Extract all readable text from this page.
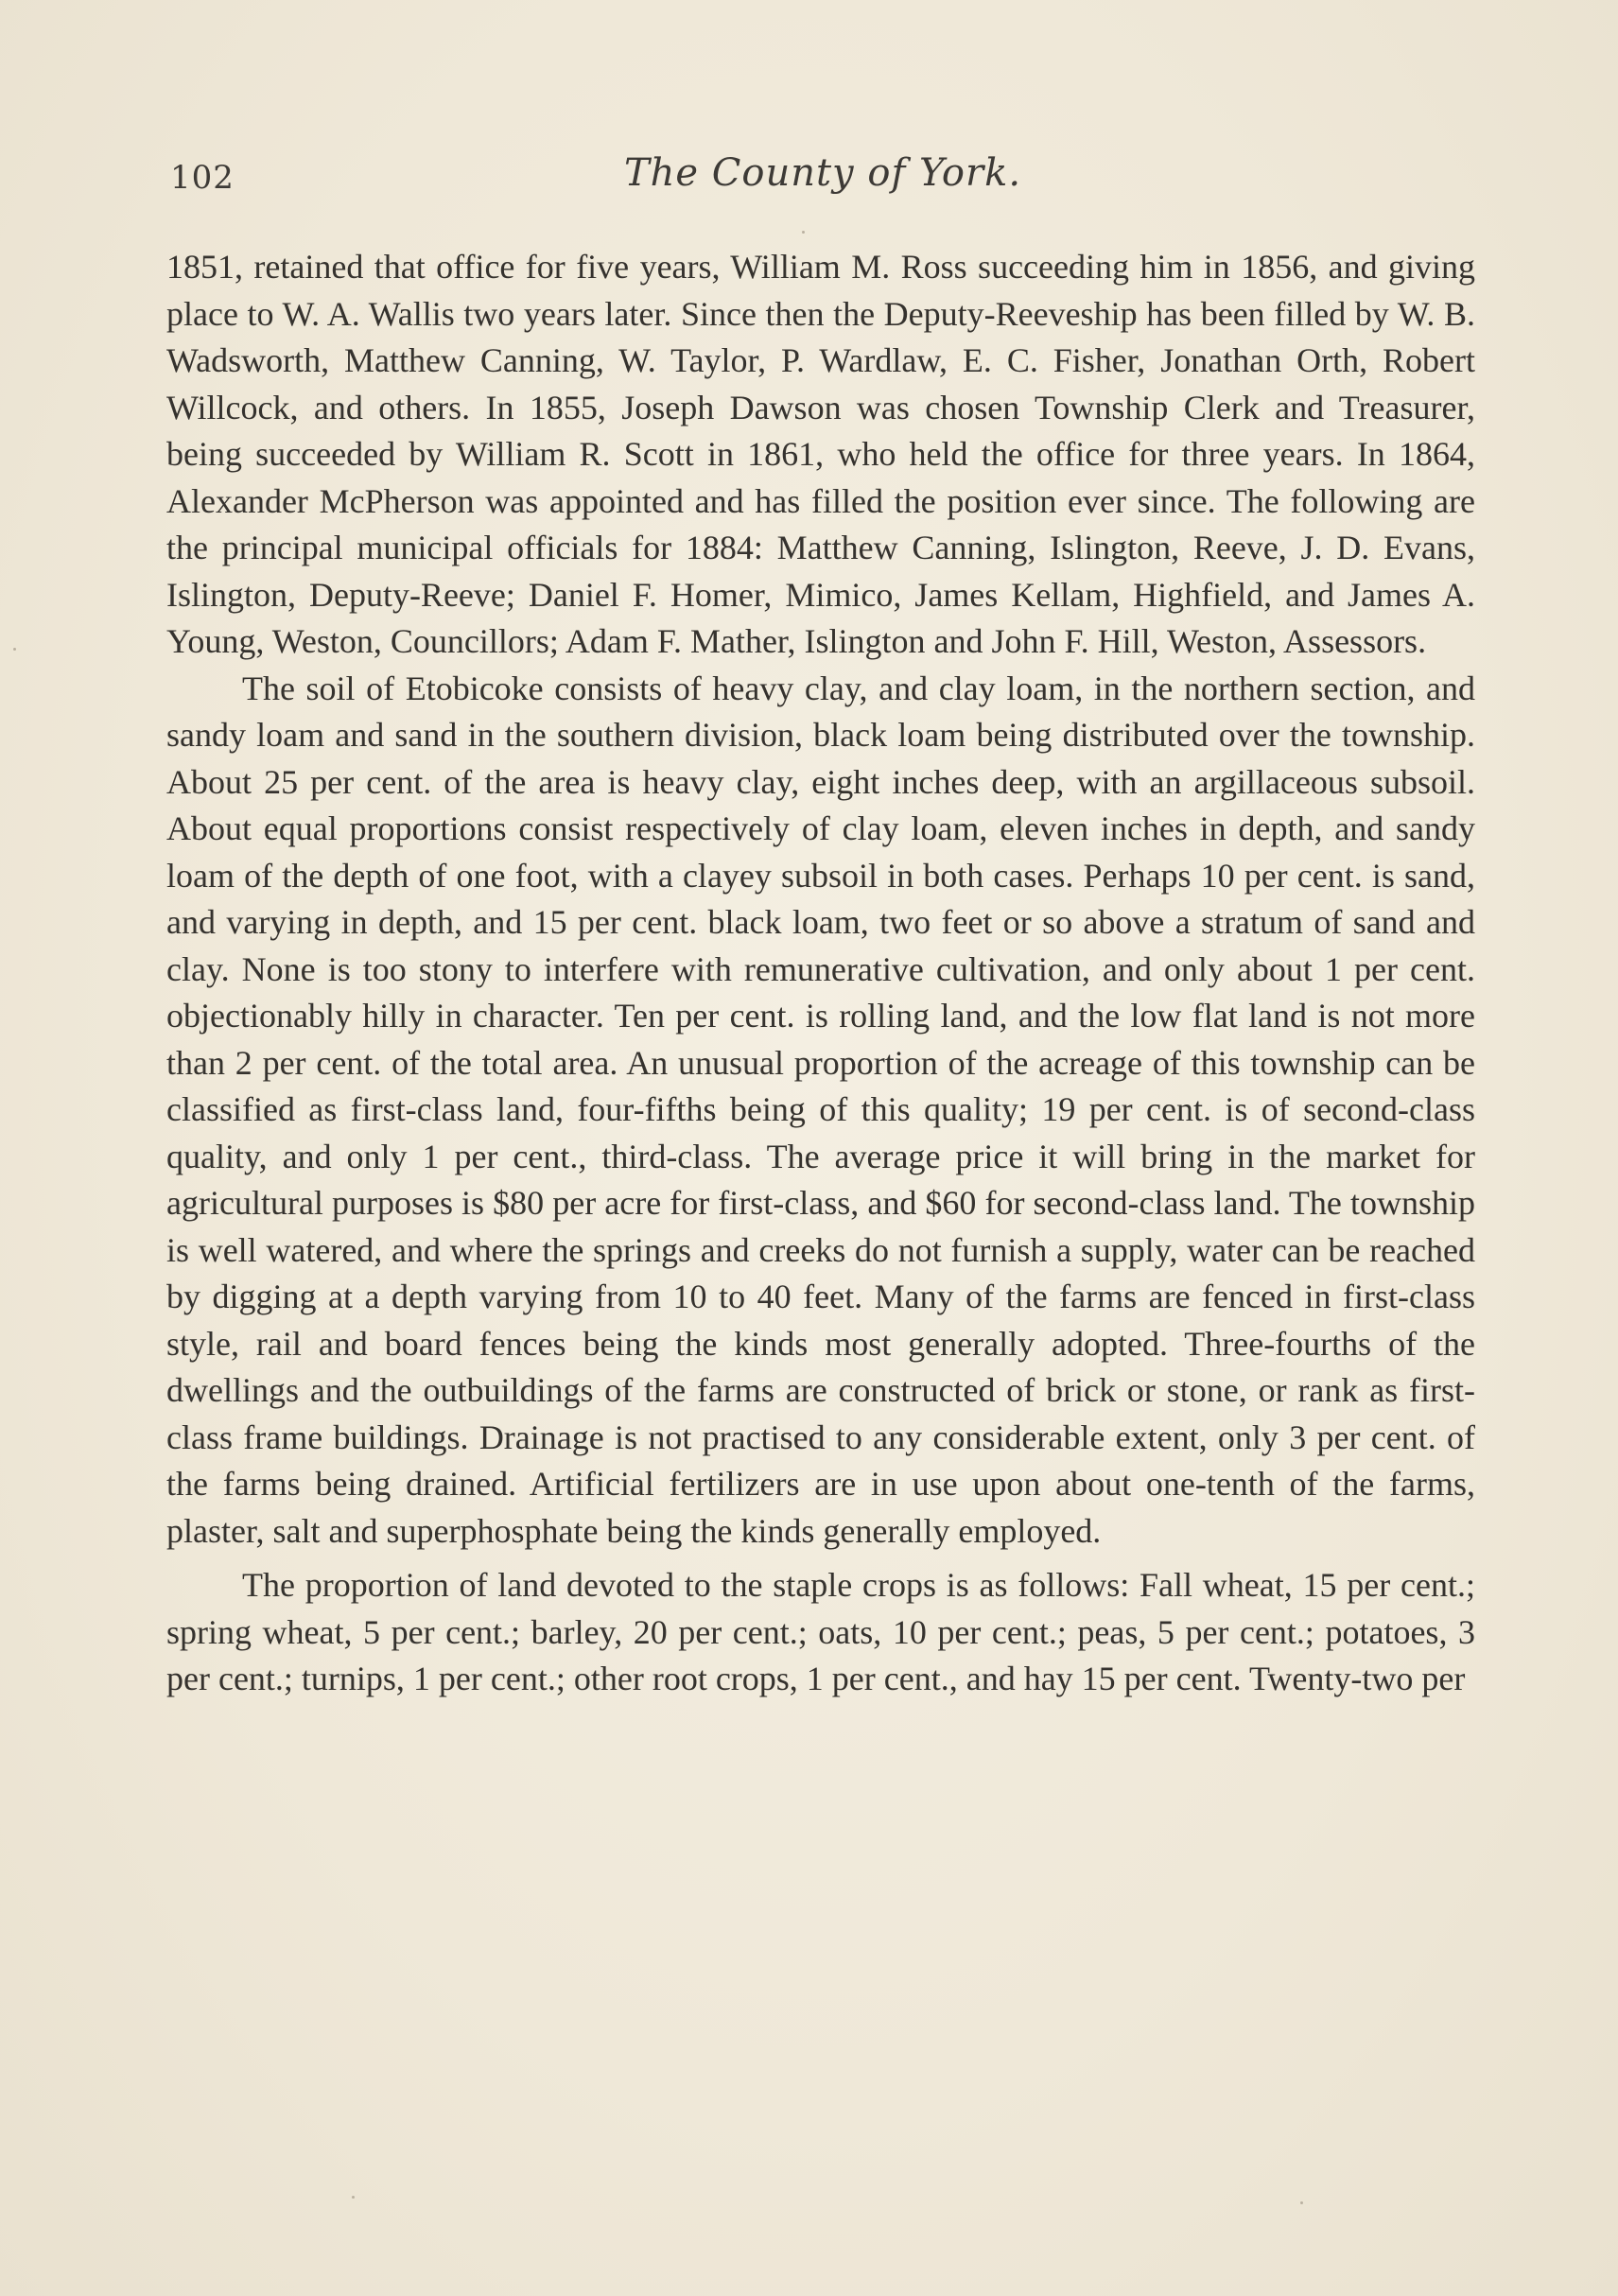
102	The County of York.

1851, retained that office for five years, William M. Ross succeeding him in 1856, and giving place to W. A. Wallis two years later. Since then the Deputy-Reeveship has been filled by W. B. Wadsworth, Matthew Canning, W. Taylor, P. Wardlaw, E. C. Fisher, Jonathan Orth, Robert Willcock, and others. In 1855, Joseph Dawson was chosen Township Clerk and Treasurer, being succeeded by William R. Scott in 1861, who held the office for three years. In 1864, Alexander McPherson was appointed and has filled the position ever since. The following are the principal municipal officials for 1884: Matthew Canning, Islington, Reeve, J. D. Evans, Islington, Deputy-Reeve; Daniel F. Homer, Mimico, James Kellam, Highfield, and James A. Young, Weston, Councillors; Adam F. Mather, Islington and John F. Hill, Weston, Assessors.

The soil of Etobicoke consists of heavy clay, and clay loam, in the northern section, and sandy loam and sand in the southern division, black loam being distributed over the township. About 25 per cent. of the area is heavy clay, eight inches deep, with an argillaceous subsoil. About equal proportions consist respectively of clay loam, eleven inches in depth, and sandy loam of the depth of one foot, with a clayey subsoil in both cases. Perhaps 10 per cent. is sand, and varying in depth, and 15 per cent. black loam, two feet or so above a stratum of sand and clay. None is too stony to interfere with remunerative cultivation, and only about 1 per cent. objectionably hilly in character. Ten per cent. is rolling land, and the low flat land is not more than 2 per cent. of the total area. An unusual proportion of the acreage of this township can be classified as first-class land, four-fifths being of this quality; 19 per cent. is of second-class quality, and only 1 per cent., third-class. The average price it will bring in the market for agricultural purposes is $80 per acre for first-class, and $60 for second-class land. The township is well watered, and where the springs and creeks do not furnish a supply, water can be reached by digging at a depth varying from 10 to 40 feet. Many of the farms are fenced in first-class style, rail and board fences being the kinds most generally adopted. Three-fourths of the dwellings and the outbuildings of the farms are constructed of brick or stone, or rank as first-class frame buildings. Drainage is not practised to any considerable extent, only 3 per cent. of the farms being drained. Artificial fertilizers are in use upon about one-tenth of the farms, plaster, salt and superphosphate being the kinds generally employed.

The proportion of land devoted to the staple crops is as follows: Fall wheat, 15 per cent.; spring wheat, 5 per cent.; barley, 20 per cent.; oats, 10 per cent.; peas, 5 per cent.; potatoes, 3 per cent.; turnips, 1 per cent.; other root crops, 1 per cent., and hay 15 per cent. Twenty-two per
